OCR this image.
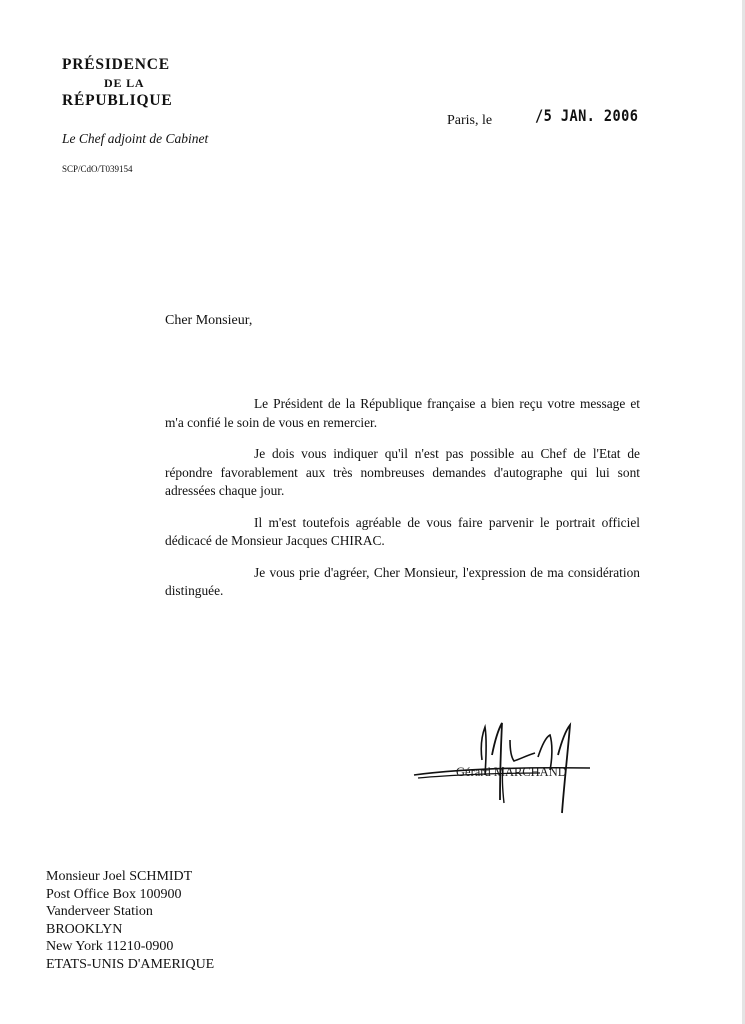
PRÉSIDENCE
DE LA
RÉPUBLIQUE
Le Chef adjoint de Cabinet
SCP/CdO/T039154
Paris, le	/5 JAN. 2006
Cher Monsieur,

Le Président de la République française a bien reçu votre message et m'a confié le soin de vous en remercier.

Je dois vous indiquer qu'il n'est pas possible au Chef de l'Etat de répondre favorablement aux très nombreuses demandes d'autographe qui lui sont adressées chaque jour.

Il m'est toutefois agréable de vous faire parvenir le portrait officiel dédicacé de Monsieur Jacques CHIRAC.

Je vous prie d'agréer, Cher Monsieur, l'expression de ma considération distinguée.

Gérard MARCHAND
Monsieur Joel SCHMIDT
Post Office Box 100900
Vanderveer Station
BROOKLYN
New York 11210-0900
ETATS-UNIS D'AMERIQUE
